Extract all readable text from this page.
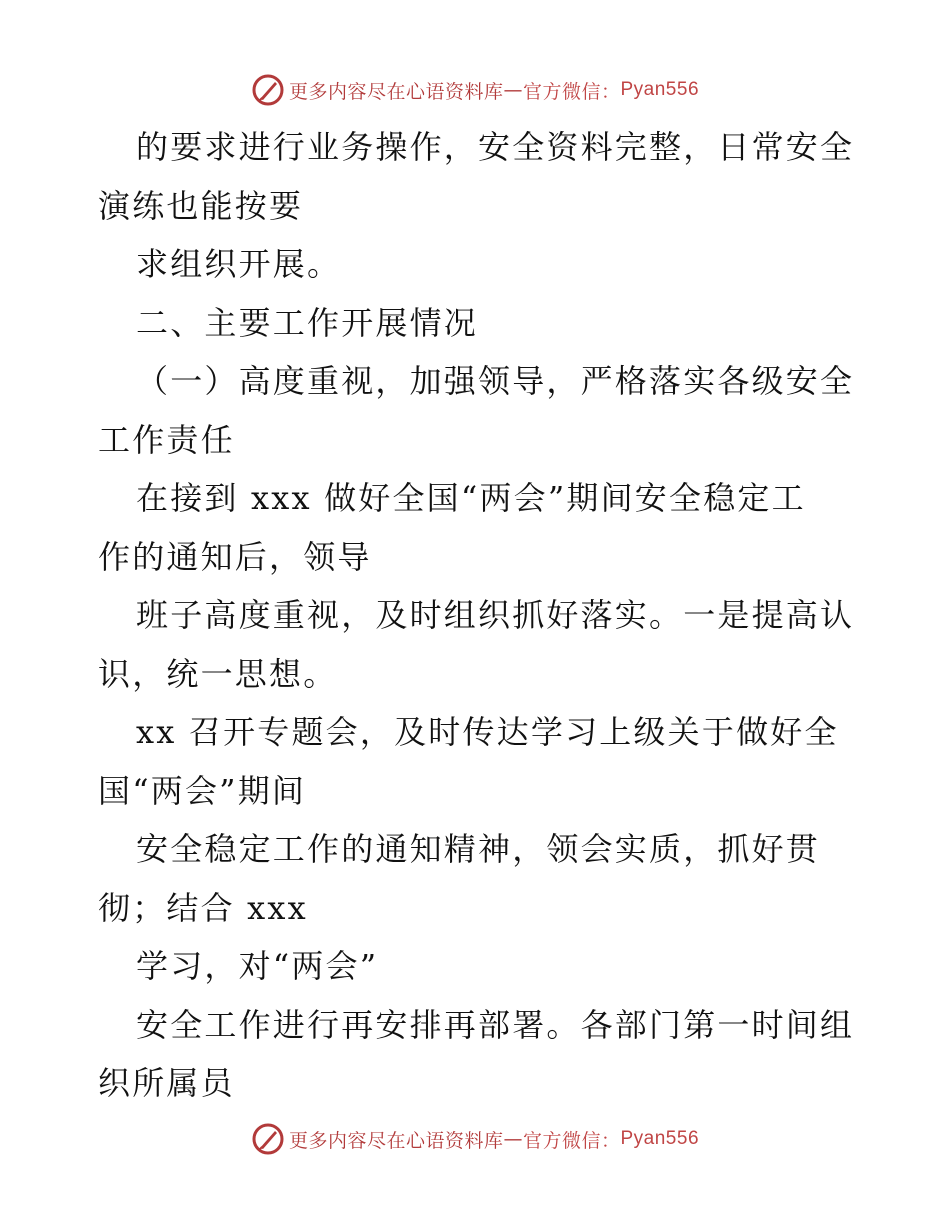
更多内容尽在心语资料库 — 官方微信： Pyan556
的要求进行业务操作，安全资料完整，日常安全
演练也能按要
求组织开展。
二、主要工作开展情况
（一）高度重视，加强领导，严格落实各级安全
工作责任
在接到 xxx 做好全国“两会”期间安全稳定工
作的通知后，领导
班子高度重视，及时组织抓好落实。一是提高认
识，统一思想。
xx 召开专题会，及时传达学习上级关于做好全
国“两会”期间
安全稳定工作的通知精神，领会实质，抓好贯
彻；结合 xxx
学习，对“两会”
安全工作进行再安排再部署。各部门第一时间组
织所属员
更多内容尽在心语资料库 — 官方微信： Pyan556
